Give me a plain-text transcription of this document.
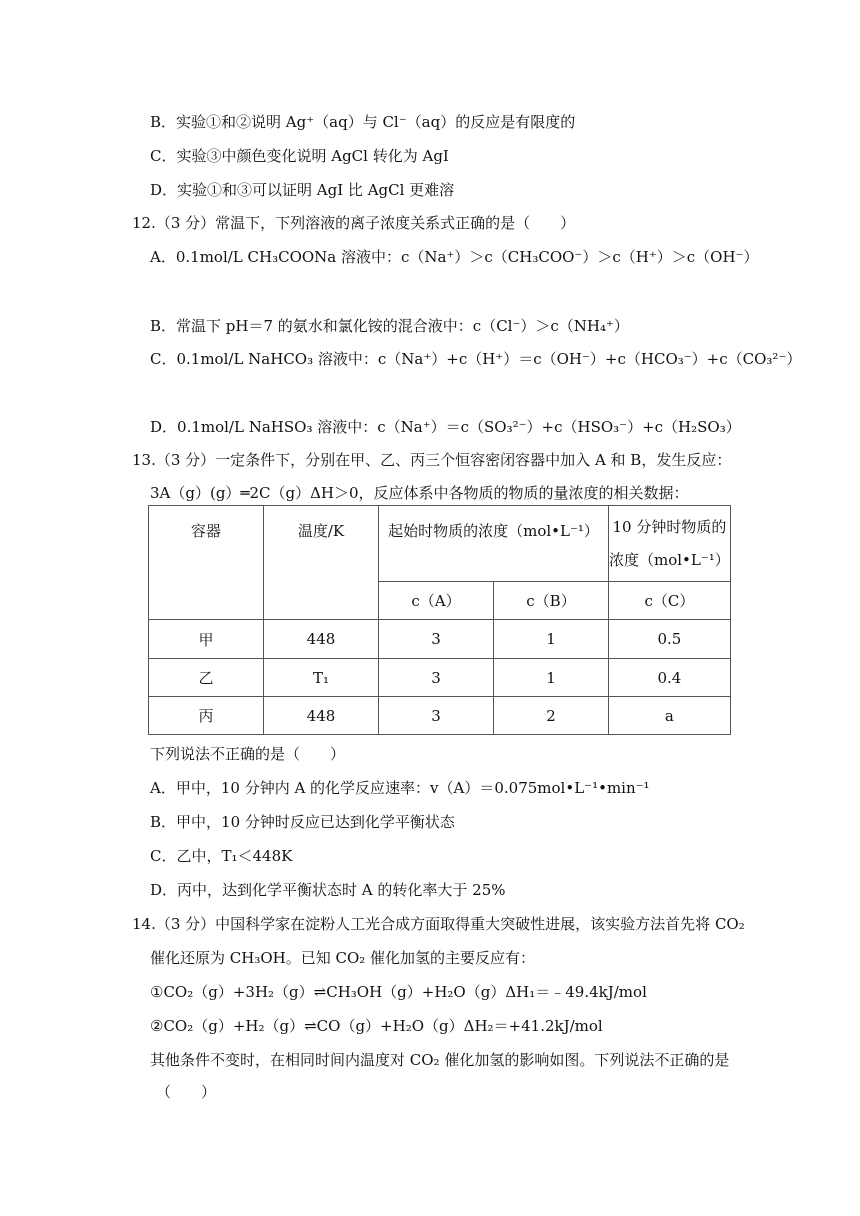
B．实验①和②说明 Ag⁺（aq）与 Cl⁻（aq）的反应是有限度的
C．实验③中颜色变化说明 AgCl 转化为 AgI
D．实验①和③可以证明 AgI 比 AgCl 更难溶
12.（3 分）常温下，下列溶液的离子浓度关系式正确的是（　　）
A．0.1mol/L CH₃COONa 溶液中：c（Na⁺）＞c（CH₃COO⁻）＞c（H⁺）＞c（OH⁻）
B．常温下 pH＝7 的氨水和氯化铵的混合液中：c（Cl⁻）＞c（NH₄⁺）
C．0.1mol/L NaHCO₃ 溶液中：c（Na⁺）+c（H⁺）＝c（OH⁻）+c（HCO₃⁻）+c（CO₃²⁻）
D．0.1mol/L NaHSO₃ 溶液中：c（Na⁺）＝c（SO₃²⁻）+c（HSO₃⁻）+c（H₂SO₃）
13.（3 分）一定条件下，分别在甲、乙、丙三个恒容密闭容器中加入 A 和 B，发生反应：
3A（g）(g）═2C（g）ΔH＞0，反应体系中各物质的物质的量浓度的相关数据：
容器	温度/K	起始时物质的浓度（mol•L⁻¹）		10 分钟时物质的
浓度（mol•L⁻¹）
		c（A）	c（B）	c（C）
甲	448	3	1	0.5
乙	T₁	3	1	0.4
丙	448	3	2	a
下列说法不正确的是（　　）
A．甲中，10 分钟内 A 的化学反应速率：v（A）＝0.075mol•L⁻¹•min⁻¹
B．甲中，10 分钟时反应已达到化学平衡状态
C．乙中，T₁＜448K
D．丙中，达到化学平衡状态时 A 的转化率大于 25%
14.（3 分）中国科学家在淀粉人工光合成方面取得重大突破性进展，该实验方法首先将 CO₂
催化还原为 CH₃OH。已知 CO₂ 催化加氢的主要反应有：
①CO₂（g）+3H₂（g）⇌CH₃OH（g）+H₂O（g）ΔH₁＝﹣49.4kJ/mol
②CO₂（g）+H₂（g）⇌CO（g）+H₂O（g）ΔH₂＝+41.2kJ/mol
其他条件不变时，在相同时间内温度对 CO₂ 催化加氢的影响如图。下列说法不正确的是
（　　）
